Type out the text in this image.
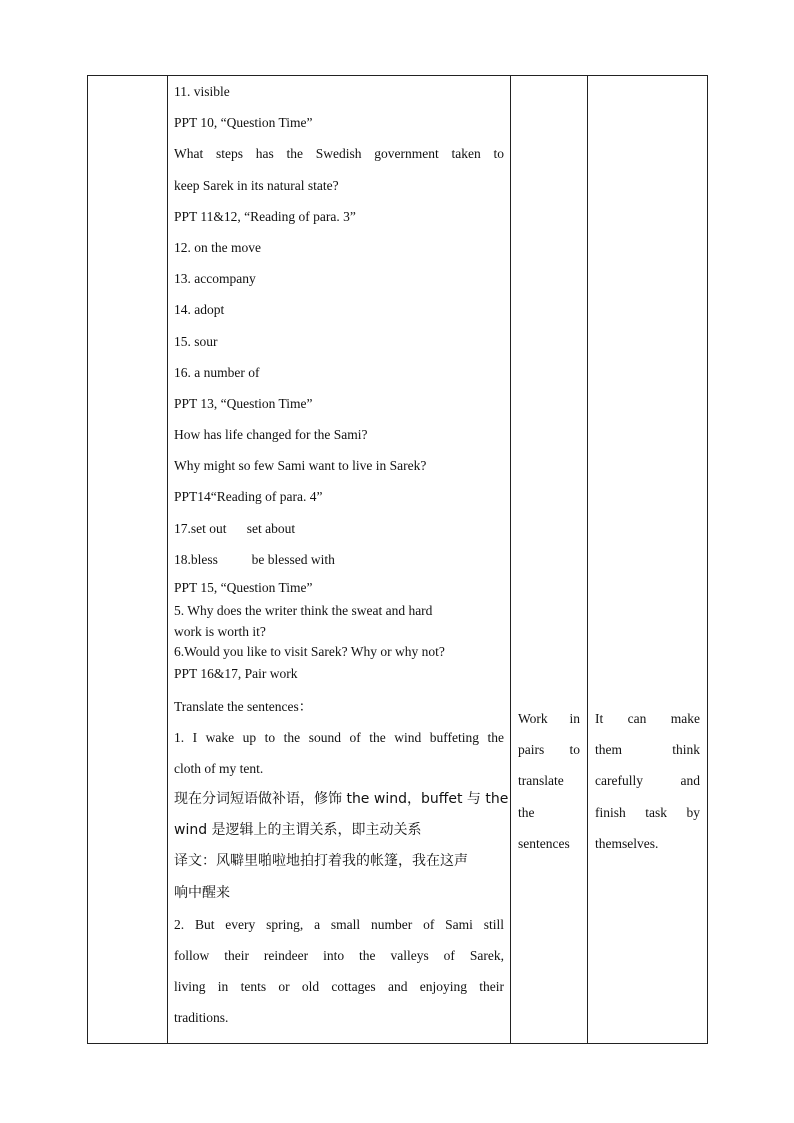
11. visible
PPT 10, “Question Time”
What steps has the Swedish government taken to
keep Sarek in its natural state?
PPT 11&12, “Reading of para. 3”
12. on the move
13. accompany
14. adopt
15. sour
16. a number of
PPT 13, “Question Time”
How has life changed for the Sami?
Why might so few Sami want to live in Sarek?
PPT14“Reading of para. 4”
17.set out      set about
18.bless          be blessed with
PPT 15, “Question Time”
5. Why does the writer think the sweat and hard
work is worth it?
6.Would you like to visit Sarek? Why or why not?
PPT 16&17, Pair work
Translate the sentences：
1. I wake up to the sound of the wind buffeting the
cloth of my tent.
现在分词短语做补语，修饰 the wind，buffet 与 the
wind 是逻辑上的主谓关系，即主动关系
译文：风噼里啪啦地拍打着我的帐篷，我在这声
响中醒来
2. But every spring, a small number of Sami still
follow their reindeer into the valleys of Sarek,
living in tents or old cottages and enjoying their
traditions.

Work in
pairs to
translate
the
sentences

It can make
them think
carefully and
finish task by
themselves.
